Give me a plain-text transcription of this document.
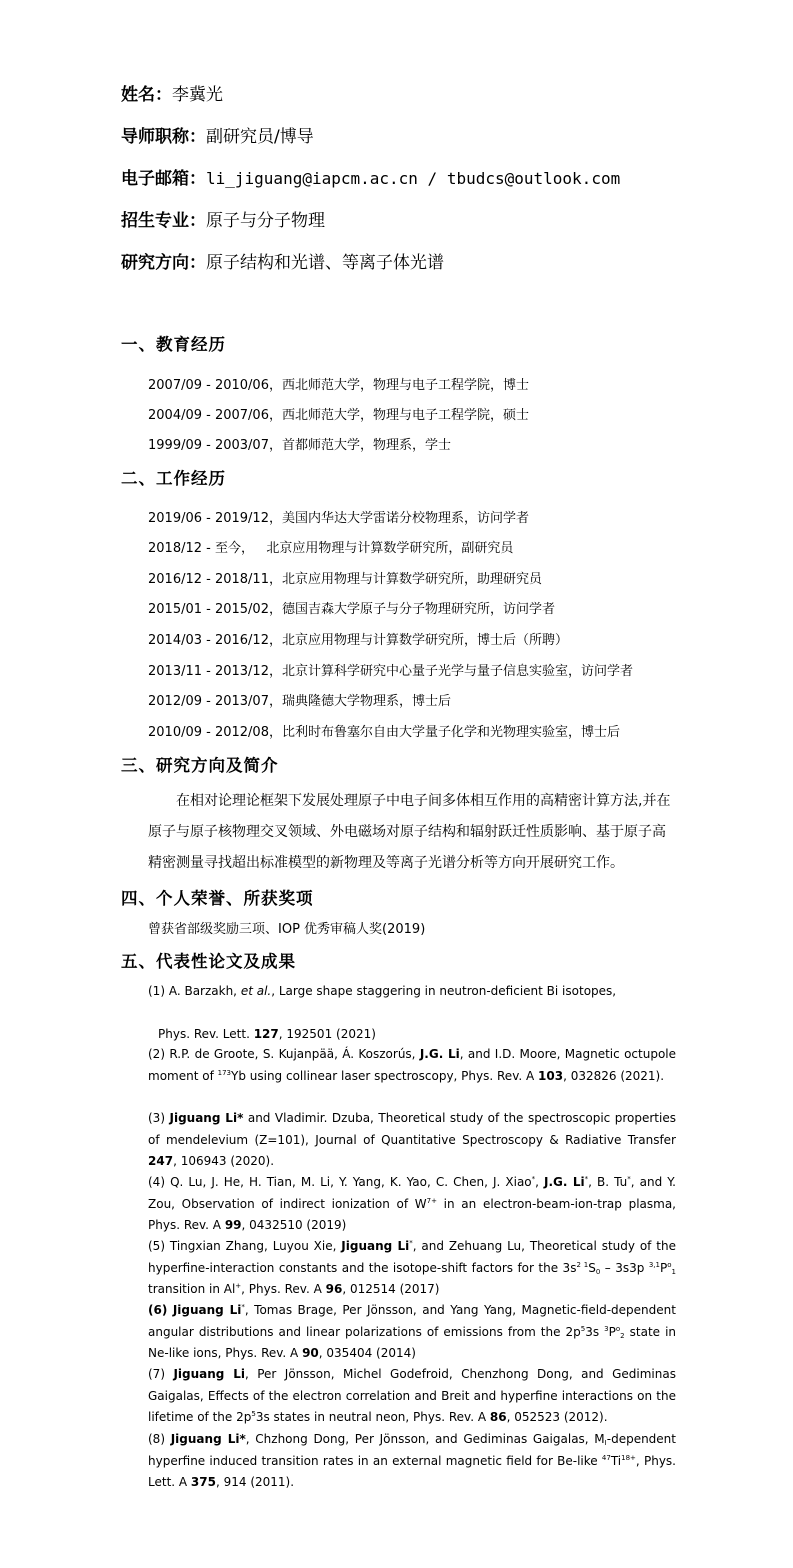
姓名：李冀光
导师职称：副研究员/博导
电子邮箱：li_jiguang@iapcm.ac.cn / tbudcs@outlook.com
招生专业：原子与分子物理
研究方向：原子结构和光谱、等离子体光谱
一、教育经历
2007/09 - 2010/06，西北师范大学，物理与电子工程学院，博士
2004/09 - 2007/06，西北师范大学，物理与电子工程学院，硕士
1999/09 - 2003/07，首都师范大学，物理系，学士
二、工作经历
2019/06 - 2019/12，美国内华达大学雷诺分校物理系，访问学者
2018/12 - 至今，   北京应用物理与计算数学研究所，副研究员
2016/12 - 2018/11，北京应用物理与计算数学研究所，助理研究员
2015/01 - 2015/02，德国吉森大学原子与分子物理研究所，访问学者
2014/03 - 2016/12，北京应用物理与计算数学研究所，博士后（所聘）
2013/11 - 2013/12，北京计算科学研究中心量子光学与量子信息实验室，访问学者
2012/09 - 2013/07，瑞典隆德大学物理系，博士后
2010/09 - 2012/08，比利时布鲁塞尔自由大学量子化学和光物理实验室，博士后
三、研究方向及简介
在相对论理论框架下发展处理原子中电子间多体相互作用的高精密计算方法,并在原子与原子核物理交叉领域、外电磁场对原子结构和辐射跃迁性质影响、基于原子高精密测量寻找超出标准模型的新物理及等离子光谱分析等方向开展研究工作。
四、个人荣誉、所获奖项
曾获省部级奖励三项、IOP 优秀审稿人奖(2019)
五、代表性论文及成果
(1) A. Barzakh, et al., Large shape staggering in neutron-deficient Bi isotopes,
Phys. Rev. Lett. 127, 192501 (2021)
(2) R.P. de Groote, S. Kujanpää, Á. Koszorús, J.G. Li, and I.D. Moore, Magnetic octupole moment of $^{173}$Yb using collinear laser spectroscopy, Phys. Rev. A 103, 032826 (2021).
(3) Jiguang Li* and Vladimir. Dzuba, Theoretical study of the spectroscopic properties of mendelevium (Z=101), Journal of Quantitative Spectroscopy & Radiative Transfer 247, 106943 (2020).
(4) Q. Lu, J. He, H. Tian, M. Li, Y. Yang, K. Yao, C. Chen, J. Xiao*, J.G. Li*, B. Tu*, and Y. Zou, Observation of indirect ionization of $W^{7+}$ in an electron-beam-ion-trap plasma, Phys. Rev. A 99, 0432510 (2019)
(5) Tingxian Zhang, Luyou Xie, Jiguang Li*, and Zehuang Lu, Theoretical study of the hyperfine-interaction constants and the isotope-shift factors for the $3s^{2 1}S_0 - 3s3p$ $^{3,1}P^o_1$ transition in Al+, Phys. Rev. A 96, 012514 (2017)
(6) Jiguang Li*, Tomas Brage, Per Jönsson, and Yang Yang, Magnetic-field-dependent angular distributions and linear polarizations of emissions from the $2p^53s$ $^3P^o_2$ state in Ne-like ions, Phys. Rev. A 90, 035404 (2014)
(7) Jiguang Li, Per Jönsson, Michel Godefroid, Chenzhong Dong, and Gediminas Gaigalas, Effects of the electron correlation and Breit and hyperfine interactions on the lifetime of the $2p^53s$ states in neutral neon, Phys. Rev. A 86, 052523 (2012).
(8) Jiguang Li*, Chzhong Dong, Per Jönsson, and Gediminas Gaigalas, $M_I$-dependent hyperfine induced transition rates in an external magnetic field for Be-like $^{47}Ti^{18+}$, Phys. Lett. A 375, 914 (2011).
